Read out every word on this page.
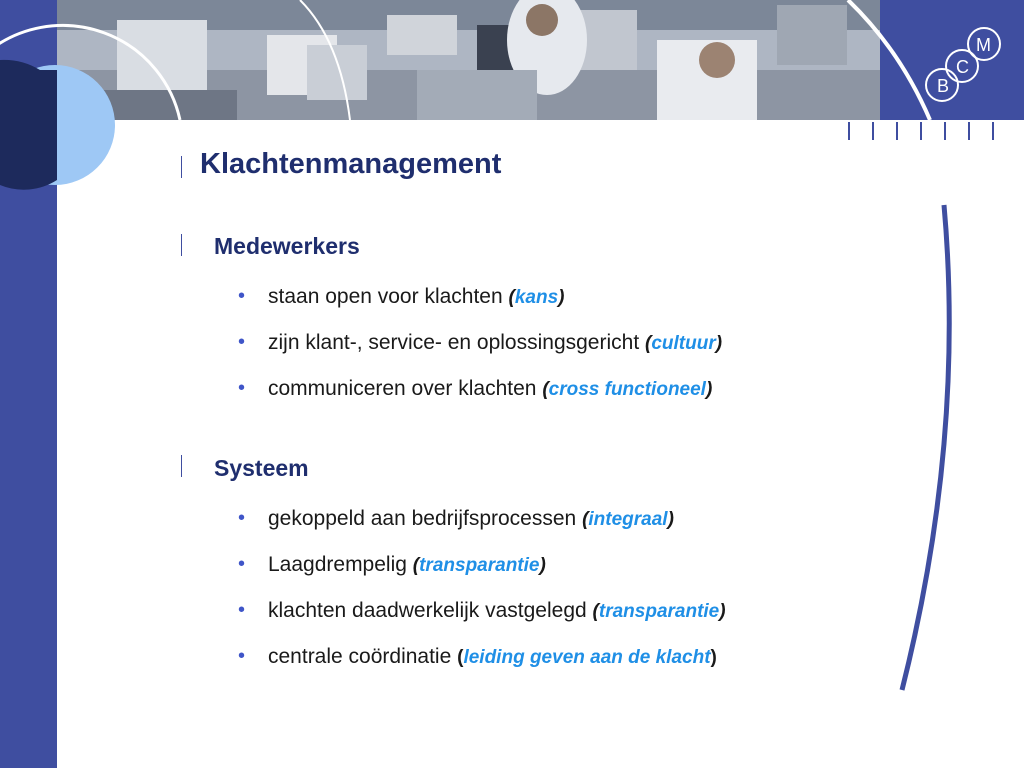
B
C
M
Klachtenmanagement
Medewerkers
• staan open voor klachten (kans)
• zijn klant-, service- en oplossingsgericht (cultuur)
• communiceren over klachten (cross functioneel)
Systeem
• gekoppeld aan bedrijfsprocessen (integraal)
• Laagdrempelig (transparantie)
• klachten daadwerkelijk vastgelegd (transparantie)
• centrale coördinatie (leiding geven aan de klacht)
